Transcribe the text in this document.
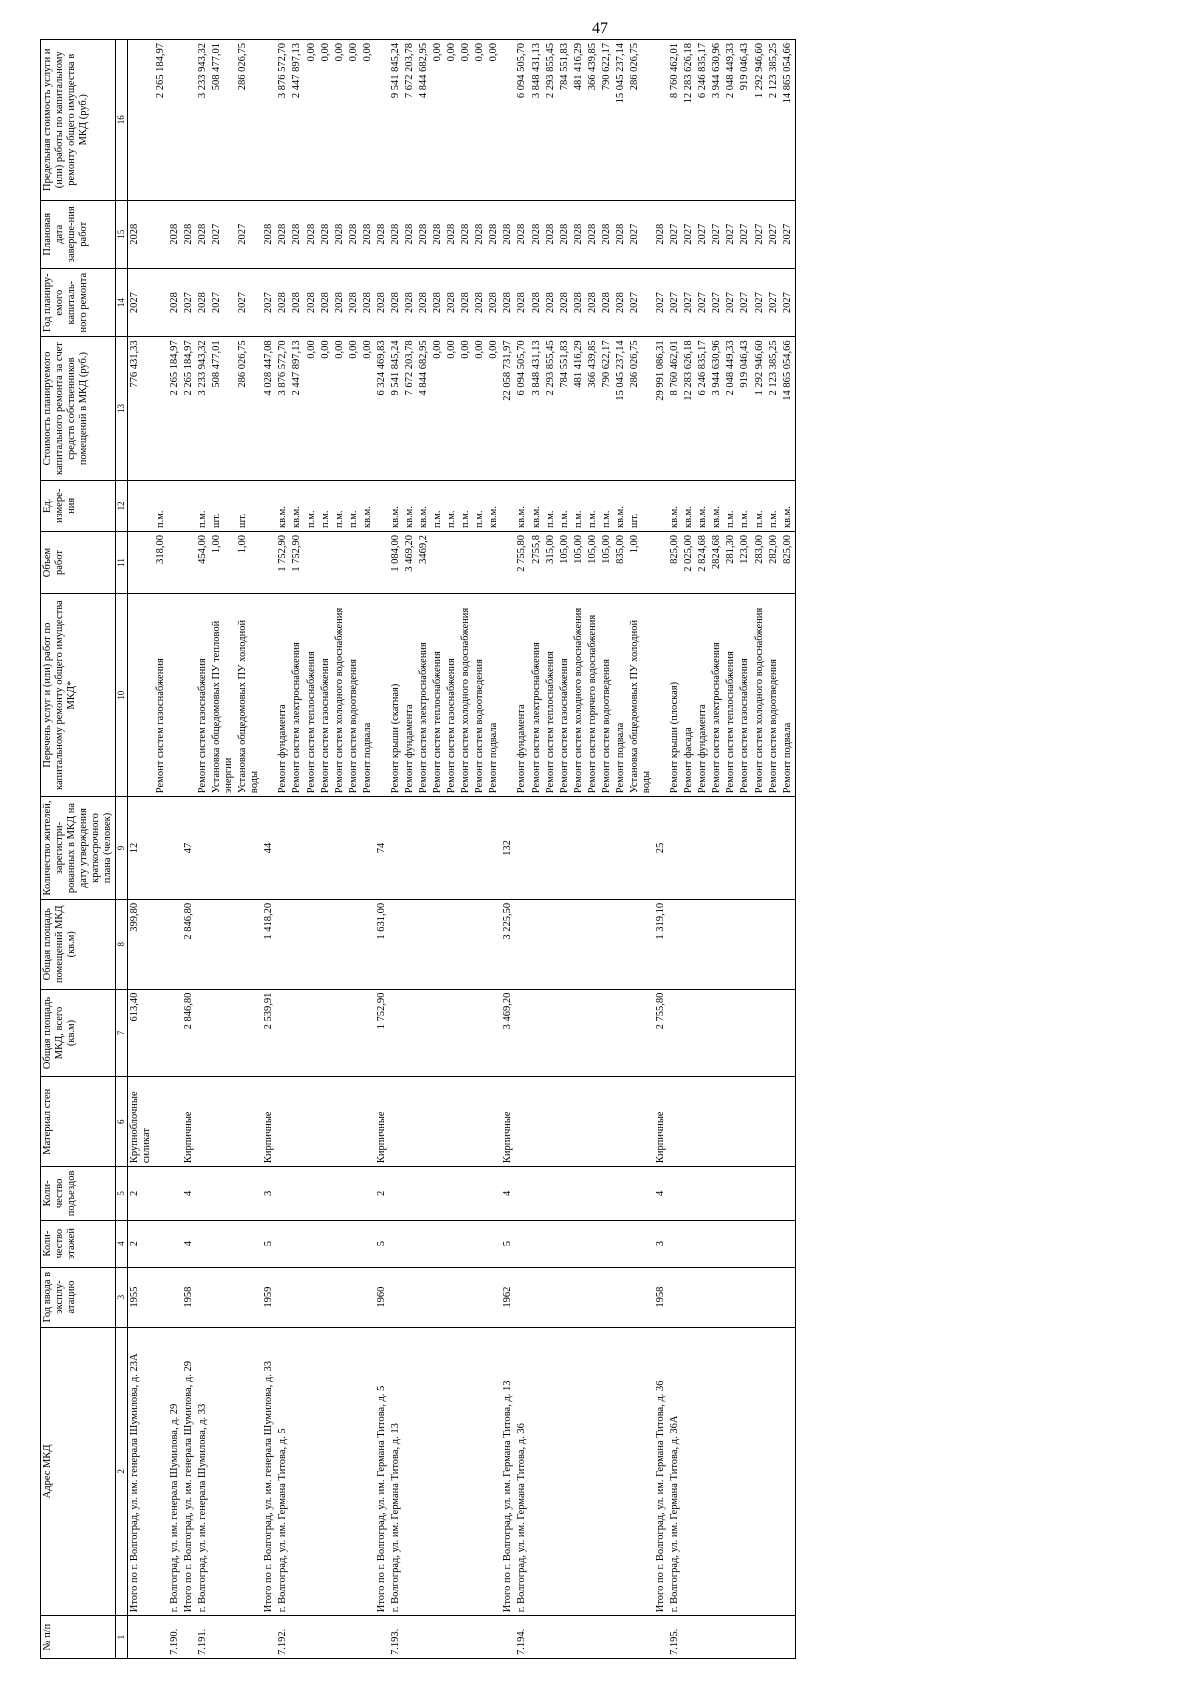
47
№ п/п	Адрес МКД	Год ввода в эксплу-атацию	Коли-чество этажей	Коли-чество подъездов	Материал стен	Общая площадь МКД, всего (кв.м)	Общая площадь помещений МКД (кв.м)	Количество жителей, зарегистри-рованных в МКД на дату утверждения краткосрочного плана (человек)	Перечень услуг и (или) работ по капитальному ремонту общего имущества МКД*	Объем работ	Ед. измере-ния	Стоимость планируемого капитального ремонта за счет средств собственников помещений в МКД (руб.)	Год планиру-емого капиталь-ного ремонта	Плановая дата заверше-ния работ	Предельная стоимость услуги и (или) работы по капитальному ремонту общего имущества в МКД (руб.)
1	2	3	4	5	6	7	8	9	10	11	12	13	14	15	16
	Итого по г. Волгоград, ул. им. генерала Шумилова, д. 23А	1955	2	2	Крупноблочные силикат	613,40	399,80	12				776 431,33	2027	2028	
									Ремонт систем газоснабжения	318,00	п.м.				2 265 184,97
7.190.	г. Волгоград, ул. им. генерала Шумилова, д. 29											2 265 184,97	2028	2028	
	Итого по г. Волгоград, ул. им. генерала Шумилова, д. 29	1958	4	4	Кирпичные	2 846,80	2 846,80	47				2 265 184,97	2027	2028	
7.191.	г. Волгоград, ул. им. генерала Шумилова, д. 33								Ремонт систем газоснабжения	454,00	п.м.	3 233 943,32	2028	2028	3 233 943,32
									Установка общедомовых ПУ тепловой энергии	1,00	шт.	508 477,01	2027	2027	508 477,01
									Установка общедомовых ПУ холодной воды	1,00	шт.	286 026,75	2027	2027	286 026,75
	Итого по г. Волгоград, ул. им. генерала Шумилова, д. 33	1959	5	3	Кирпичные	2 539,91	1 418,20	44				4 028 447,08	2027	2028	
7.192.	г. Волгоград, ул. им. Германа Титова, д. 5								Ремонт фундамента	1 752,90	кв.м.	3 876 572,70	2028	2028	3 876 572,70
									Ремонт систем электроснабжения	1 752,90	кв.м.	2 447 897,13	2028	2028	2 447 897,13
									Ремонт систем теплоснабжения		п.м.	0,00	2028	2028	0,00
									Ремонт систем газоснабжения		п.м.	0,00	2028	2028	0,00
									Ремонт систем холодного водоснабжения		п.м.	0,00	2028	2028	0,00
									Ремонт систем водоотведения		п.м.	0,00	2028	2028	0,00
									Ремонт подвала		кв.м.	0,00	2028	2028	0,00
	Итого по г. Волгоград, ул. им. Германа Титова, д. 5	1960	5	2	Кирпичные	1 752,90	1 631,00	74				6 324 469,83	2028	2028	
7.193.	г. Волгоград, ул. им. Германа Титова, д. 13								Ремонт крыши (скатная)	1 084,00	кв.м.	9 541 845,24	2028	2028	9 541 845,24
									Ремонт фундамента	3 469,20	кв.м.	7 672 203,78	2028	2028	7 672 203,78
									Ремонт систем электроснабжения	3469,2	кв.м.	4 844 682,95	2028	2028	4 844 682,95
									Ремонт систем теплоснабжения		п.м.	0,00	2028	2028	0,00
									Ремонт систем газоснабжения		п.м.	0,00	2028	2028	0,00
									Ремонт систем холодного водоснабжения		п.м.	0,00	2028	2028	0,00
									Ремонт систем водоотведения		п.м.	0,00	2028	2028	0,00
									Ремонт подвала		кв.м.	0,00	2028	2028	0,00
	Итого по г. Волгоград, ул. им. Германа Титова, д. 13	1962	5	4	Кирпичные	3 469,20	3 225,50	132				22 058 731,97	2028	2028	
7.194.	г. Волгоград, ул. им. Германа Титова, д. 36								Ремонт фундамента	2 755,80	кв.м.	6 094 505,70	2028	2028	6 094 505,70
									Ремонт систем электроснабжения	2755,8	кв.м.	3 848 431,13	2028	2028	3 848 431,13
									Ремонт систем теплоснабжения	315,00	п.м.	2 293 855,45	2028	2028	2 293 855,45
									Ремонт систем газоснабжения	105,00	п.м.	784 551,83	2028	2028	784 551,83
									Ремонт систем холодного водоснабжения	105,00	п.м.	481 416,29	2028	2028	481 416,29
									Ремонт систем горячего водоснабжения	105,00	п.м.	366 439,85	2028	2028	366 439,85
									Ремонт систем водоотведения	105,00	п.м.	790 622,17	2028	2028	790 622,17
									Ремонт подвала	835,00	кв.м.	15 045 237,14	2028	2028	15 045 237,14
									Установка общедомовых ПУ холодной воды	1,00	шт.	286 026,75	2027	2027	286 026,75
	Итого по г. Волгоград, ул. им. Германа Титова, д. 36	1958	3	4	Кирпичные	2 755,80	1 319,10	25				29 991 086,31	2027	2028	
7.195.	г. Волгоград, ул. им. Германа Титова, д. 36А								Ремонт крыши (плоская)	825,00	кв.м.	8 760 462,01	2027	2027	8 760 462,01
									Ремонт фасада	2 025,00	кв.м.	12 283 626,18	2027	2027	12 283 626,18
									Ремонт фундамента	2 824,68	кв.м.	6 246 835,17	2027	2027	6 246 835,17
									Ремонт систем электроснабжения	2824,68	кв.м.	3 944 630,96	2027	2027	3 944 630,96
									Ремонт систем теплоснабжения	281,30	п.м.	2 048 449,33	2027	2027	2 048 449,33
									Ремонт систем газоснабжения	123,00	п.м.	919 046,43	2027	2027	919 046,43
									Ремонт систем холодного водоснабжения	283,00	п.м.	1 292 946,60	2027	2027	1 292 946,60
									Ремонт систем водоотведения	282,00	п.м.	2 123 385,25	2027	2027	2 123 385,25
									Ремонт подвала	825,00	кв.м.	14 865 054,66	2027	2027	14 865 054,66
